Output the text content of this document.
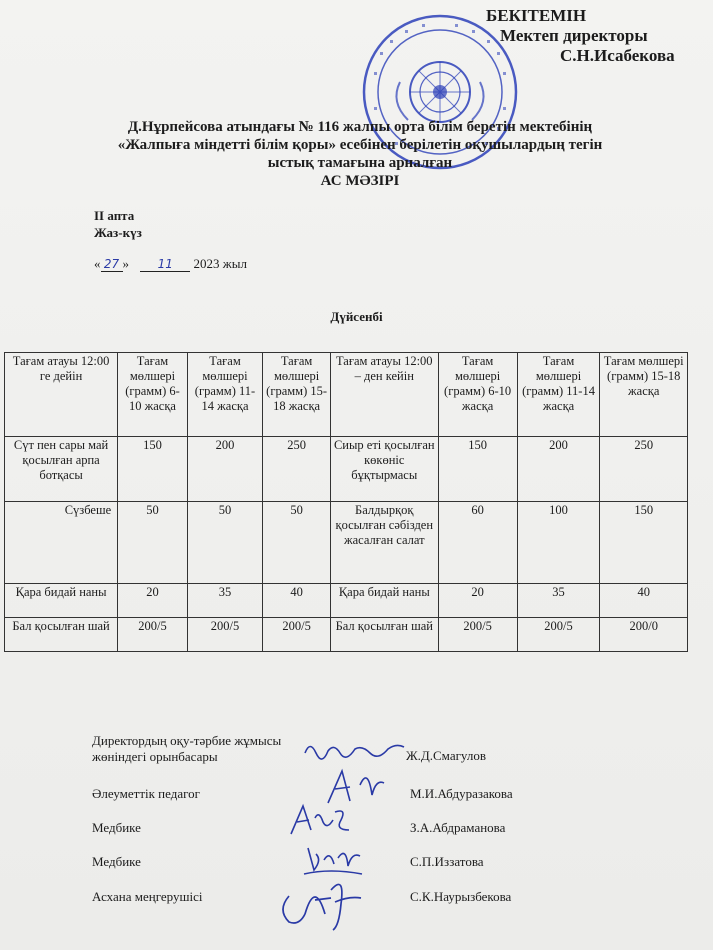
БЕКІТЕМІН
Мектеп директоры
С.Н.Исабекова
Д.Нұрпейсова атындағы № 116 жалпы орта білім беретін мектебінің
«Жалпыға міндетті білім қоры» есебінен берілетін оқушылардың тегін
ыстық тамағына арналған
АС МӘЗІРІ
ІІ апта
Жаз-күз
« 27 » 11 2023 жыл
Дүйсенбі
Тағам атауы 12:00 ге дейін	Тағам мөлшері (грамм) 6-10 жасқа	Тағам мөлшері (грамм) 11-14 жасқа	Тағам мөлшері (грамм) 15-18 жасқа	Тағам атауы 12:00 – ден кейін	Тағам мөлшері (грамм) 6-10 жасқа	Тағам мөлшері (грамм) 11-14 жасқа	Тағам мөлшері (грамм) 15-18 жасқа
Сүт пен сары май қосылған арпа ботқасы	150	200	250	Сиыр еті қосылған көкөніс бұқтырмасы	150	200	250
Сүзбеше	50	50	50	Балдырқоқ қосылған сәбізден жасалған салат	60	100	150
Қара бидай наны	20	35	40	Қара бидай наны	20	35	40
Бал қосылған шай	200/5	200/5	200/5	Бал қосылған шай	200/5	200/5	200/0
Директордың оқу-тәрбие жұмысы жөніндегі орынбасары	Ж.Д.Смагулов
Әлеуметтік педагог	М.И.Абдуразакова
Медбике	З.А.Абдраманова
Медбике	С.П.Иззатова
Асхана меңгерушісі	С.К.Наурызбекова
